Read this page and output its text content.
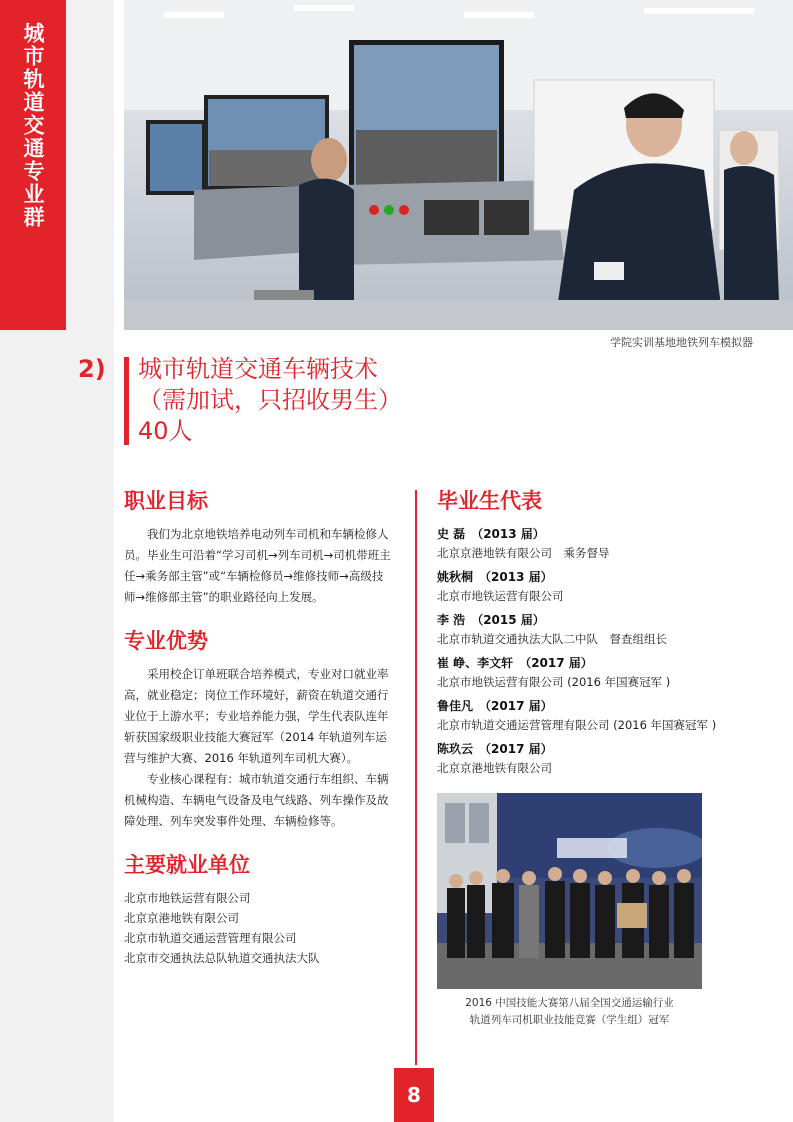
城市轨道交通专业群
学院实训基地地铁列车模拟器
2) 城市轨道交通车辆技术
（需加试，只招收男生）
40人
职业目标

我们为北京地铁培养电动列车司机和车辆检修人员。毕业生可沿着“学习司机→列车司机→司机带班主任→乘务部主管”或“车辆检修员→维修技师→高级技师→维修部主管”的职业路径向上发展。

专业优势

采用校企订单班联合培养模式，专业对口就业率高，就业稳定；岗位工作环境好，薪资在轨道交通行业位于上游水平；专业培养能力强，学生代表队连年斩获国家级职业技能大赛冠军（2014 年轨道列车运营与维护大赛、2016 年轨道列车司机大赛）。

专业核心课程有：城市轨道交通行车组织、车辆机械构造、车辆电气设备及电气线路、列车操作及故障处理、列车突发事件处理、车辆检修等。

主要就业单位
北京市地铁运营有限公司
北京京港地铁有限公司
北京市轨道交通运营管理有限公司
北京市交通执法总队轨道交通执法大队
毕业生代表
史 磊 （2013 届）
北京京港地铁有限公司　乘务督导
姚秋桐 （2013 届）
北京市地铁运营有限公司
李 浩 （2015 届）
北京市轨道交通执法大队二中队　督查组组长
崔 峥、李文轩 （2017 届）
北京市地铁运营有限公司 (2016 年国赛冠军 )
鲁佳凡 （2017 届）
北京市轨道交通运营管理有限公司 (2016 年国赛冠军 )
陈玖云 （2017 届）
北京京港地铁有限公司
2016 中国技能大赛第八届全国交通运输行业
轨道列车司机职业技能竞赛（学生组）冠军
8
